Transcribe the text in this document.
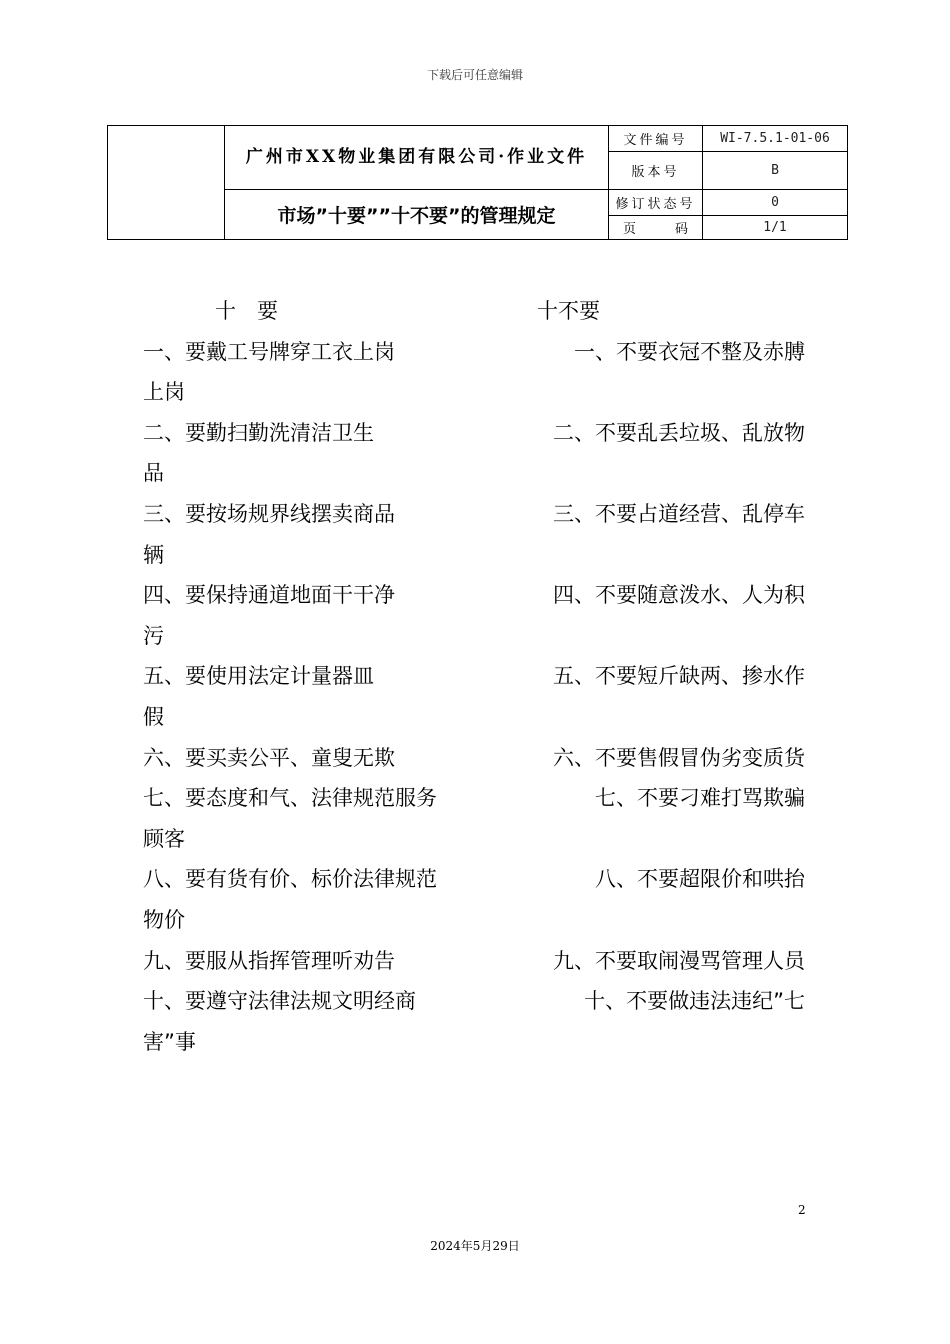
下载后可任意编辑
广州市XX物业集团有限公司·作业文件
市场”十要””十不要”的管理规定
文件编号	WI-7.5.1-01-06
版本号	B
修订状态号	0
页	码	1/1
十　要	十不要
一、要戴工号牌穿工衣上岗	一、不要衣冠不整及赤膊
上岗
二、要勤扫勤洗清洁卫生	二、不要乱丢垃圾、乱放物
品
三、要按场规界线摆卖商品	三、不要占道经营、乱停车
辆
四、要保持通道地面干干净	四、不要随意泼水、人为积
污
五、要使用法定计量器皿	五、不要短斤缺两、掺水作
假
六、要买卖公平、童叟无欺	六、不要售假冒伪劣变质货
七、要态度和气、法律规范服务	七、不要刁难打骂欺骗
顾客
八、要有货有价、标价法律规范	八、不要超限价和哄抬
物价
九、要服从指挥管理听劝告	九、不要取闹漫骂管理人员
十、要遵守法律法规文明经商	十、不要做违法违纪”七
害”事
2
2024年5月29日
